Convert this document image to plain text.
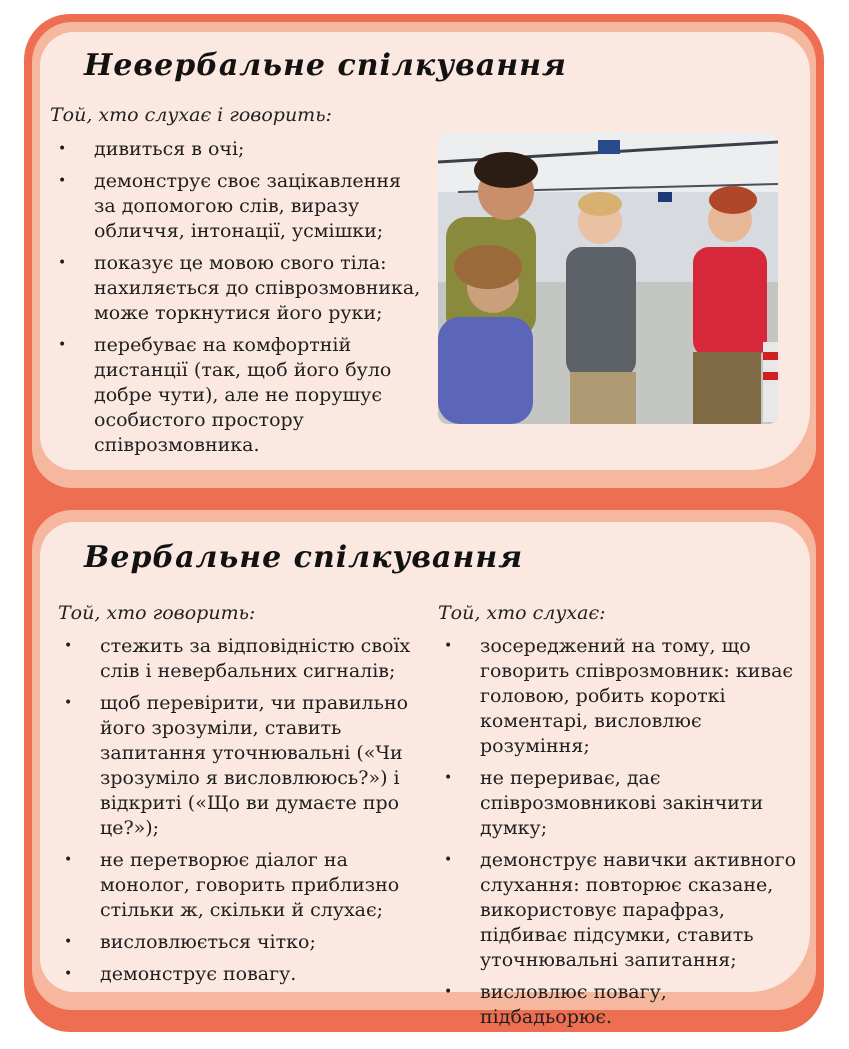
Невербальне спілкування

Той, хто слухає і говорить:

• дивиться в очі;
• демонструє своє зацікавлення за допомогою слів, виразу обличчя, інтонації, усмішки;
• показує це мовою свого тіла: нахиляється до співрозмовника, може торкнутися його руки;
• перебуває на комфортній дистанції (так, щоб його було добре чути), але не порушує особистого простору співрозмовника.
Вербальне спілкування

Той, хто говорить:

• стежить за відповідністю своїх слів і невербальних сигналів;
• щоб перевірити, чи правильно його зрозуміли, ставить запитання уточнювальні («Чи зрозуміло я висловлююсь?») і відкриті («Що ви думаєте про це?»);
• не перетворює діалог на монолог, говорить приблизно стільки ж, скільки й слухає;
• висловлюється чітко;
• демонструє повагу.

Той, хто слухає:

• зосереджений на тому, що говорить співрозмовник: киває головою, робить короткі коментарі, висловлює розуміння;
• не перериває, дає співрозмовникові закінчити думку;
• демонструє навички активного слухання: повторює сказане, використовує парафраз, підбиває підсумки, ставить уточнювальні запитання;
• висловлює повагу, підбадьорює.
